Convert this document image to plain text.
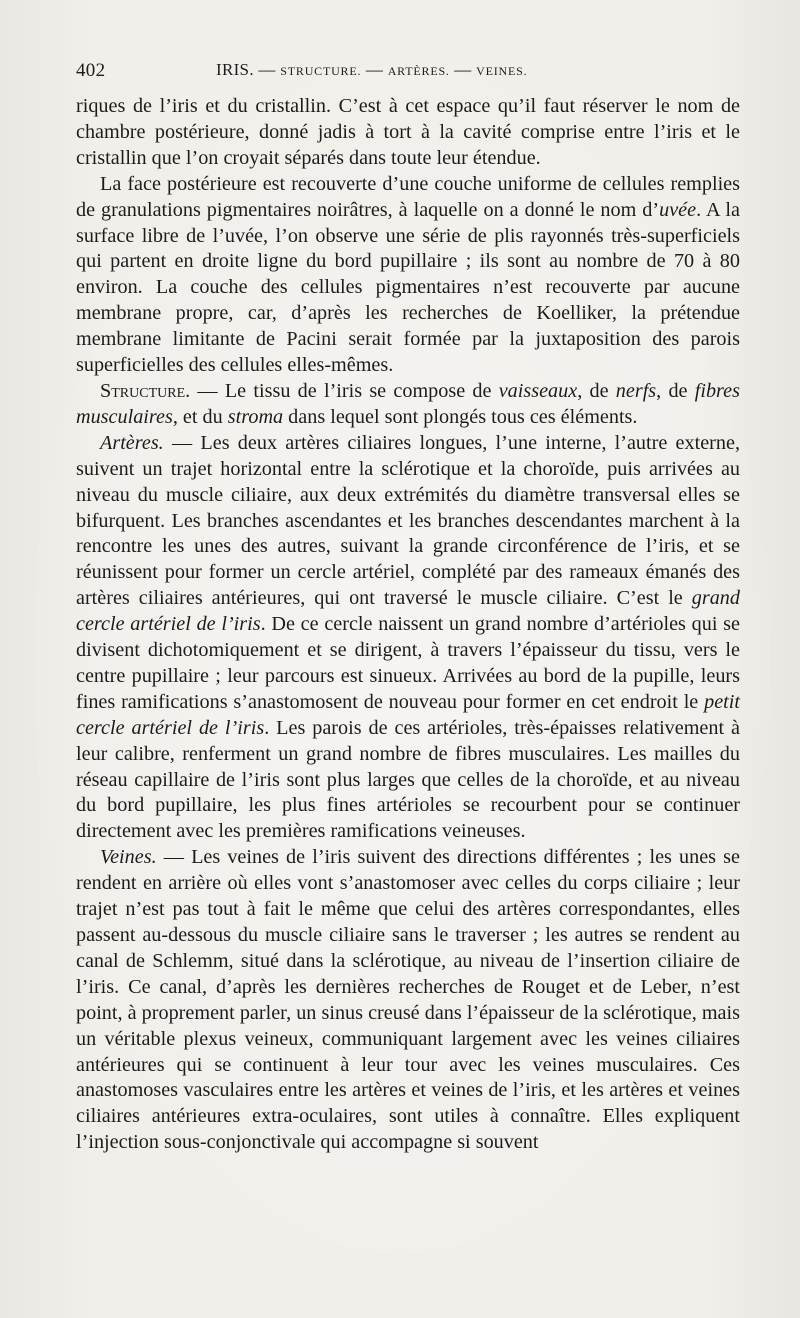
402	IRIS. — STRUCTURE. — ARTÈRES. — VEINES.

riques de l’iris et du cristallin. C’est à cet espace qu’il faut réserver le nom de chambre postérieure, donné jadis à tort à la cavité comprise entre l’iris et le cristallin que l’on croyait séparés dans toute leur étendue.

La face postérieure est recouverte d’une couche uniforme de cellules remplies de granulations pigmentaires noirâtres, à laquelle on a donné le nom d’uvée. A la surface libre de l’uvée, l’on observe une série de plis rayonnés très-superficiels qui partent en droite ligne du bord pupillaire ; ils sont au nombre de 70 à 80 environ. La couche des cellules pigmentaires n’est recouverte par aucune membrane propre, car, d’après les recherches de Koelliker, la prétendue membrane limitante de Pacini serait formée par la juxtaposition des parois superficielles des cellules elles-mêmes.

Structure. — Le tissu de l’iris se compose de vaisseaux, de nerfs, de fibres musculaires, et du stroma dans lequel sont plongés tous ces éléments.

Artères. — Les deux artères ciliaires longues, l’une interne, l’autre externe, suivent un trajet horizontal entre la sclérotique et la choroïde, puis arrivées au niveau du muscle ciliaire, aux deux extrémités du diamètre transversal elles se bifurquent. Les branches ascendantes et les branches descendantes marchent à la rencontre les unes des autres, suivant la grande circonférence de l’iris, et se réunissent pour former un cercle artériel, complété par des rameaux émanés des artères ciliaires antérieures, qui ont traversé le muscle ciliaire. C’est le grand cercle artériel de l’iris. De ce cercle naissent un grand nombre d’artérioles qui se divisent dichotomiquement et se dirigent, à travers l’épaisseur du tissu, vers le centre pupillaire ; leur parcours est sinueux. Arrivées au bord de la pupille, leurs fines ramifications s’anastomosent de nouveau pour former en cet endroit le petit cercle artériel de l’iris. Les parois de ces artérioles, très-épaisses relativement à leur calibre, renferment un grand nombre de fibres musculaires. Les mailles du réseau capillaire de l’iris sont plus larges que celles de la choroïde, et au niveau du bord pupillaire, les plus fines artérioles se recourbent pour se continuer directement avec les premières ramifications veineuses.

Veines. — Les veines de l’iris suivent des directions différentes ; les unes se rendent en arrière où elles vont s’anastomoser avec celles du corps ciliaire ; leur trajet n’est pas tout à fait le même que celui des artères correspondantes, elles passent au-dessous du muscle ciliaire sans le traverser ; les autres se rendent au canal de Schlemm, situé dans la sclérotique, au niveau de l’insertion ciliaire de l’iris. Ce canal, d’après les dernières recherches de Rouget et de Leber, n’est point, à proprement parler, un sinus creusé dans l’épaisseur de la sclérotique, mais un véritable plexus veineux, communiquant largement avec les veines ciliaires antérieures qui se continuent à leur tour avec les veines musculaires. Ces anastomoses vasculaires entre les artères et veines de l’iris, et les artères et veines ciliaires antérieures extra-oculaires, sont utiles à connaître. Elles expliquent l’injection sous-conjonctivale qui accompagne si souvent
